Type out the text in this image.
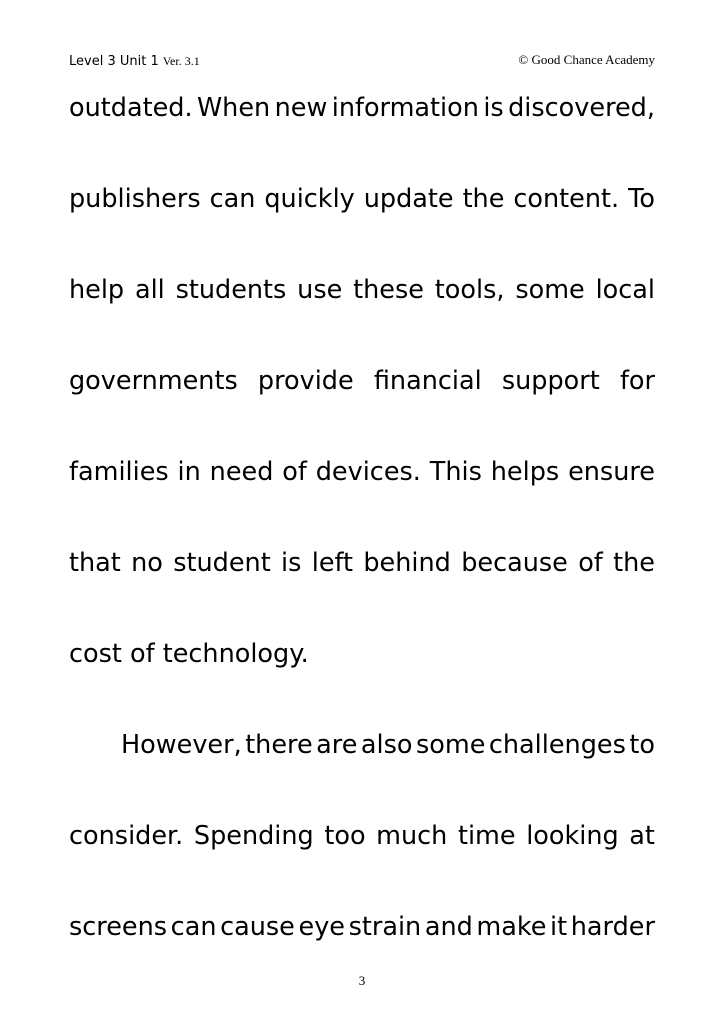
Level 3 Unit 1 Ver. 3.1	© Good Chance Academy
outdated. When new information is discovered,
publishers can quickly update the content. To
help all students use these tools, some local
governments provide financial support for
families in need of devices. This helps ensure
that no student is left behind because of the
cost of technology.
However, there are also some challenges to
consider. Spending too much time looking at
screens can cause eye strain and make it harder
3
